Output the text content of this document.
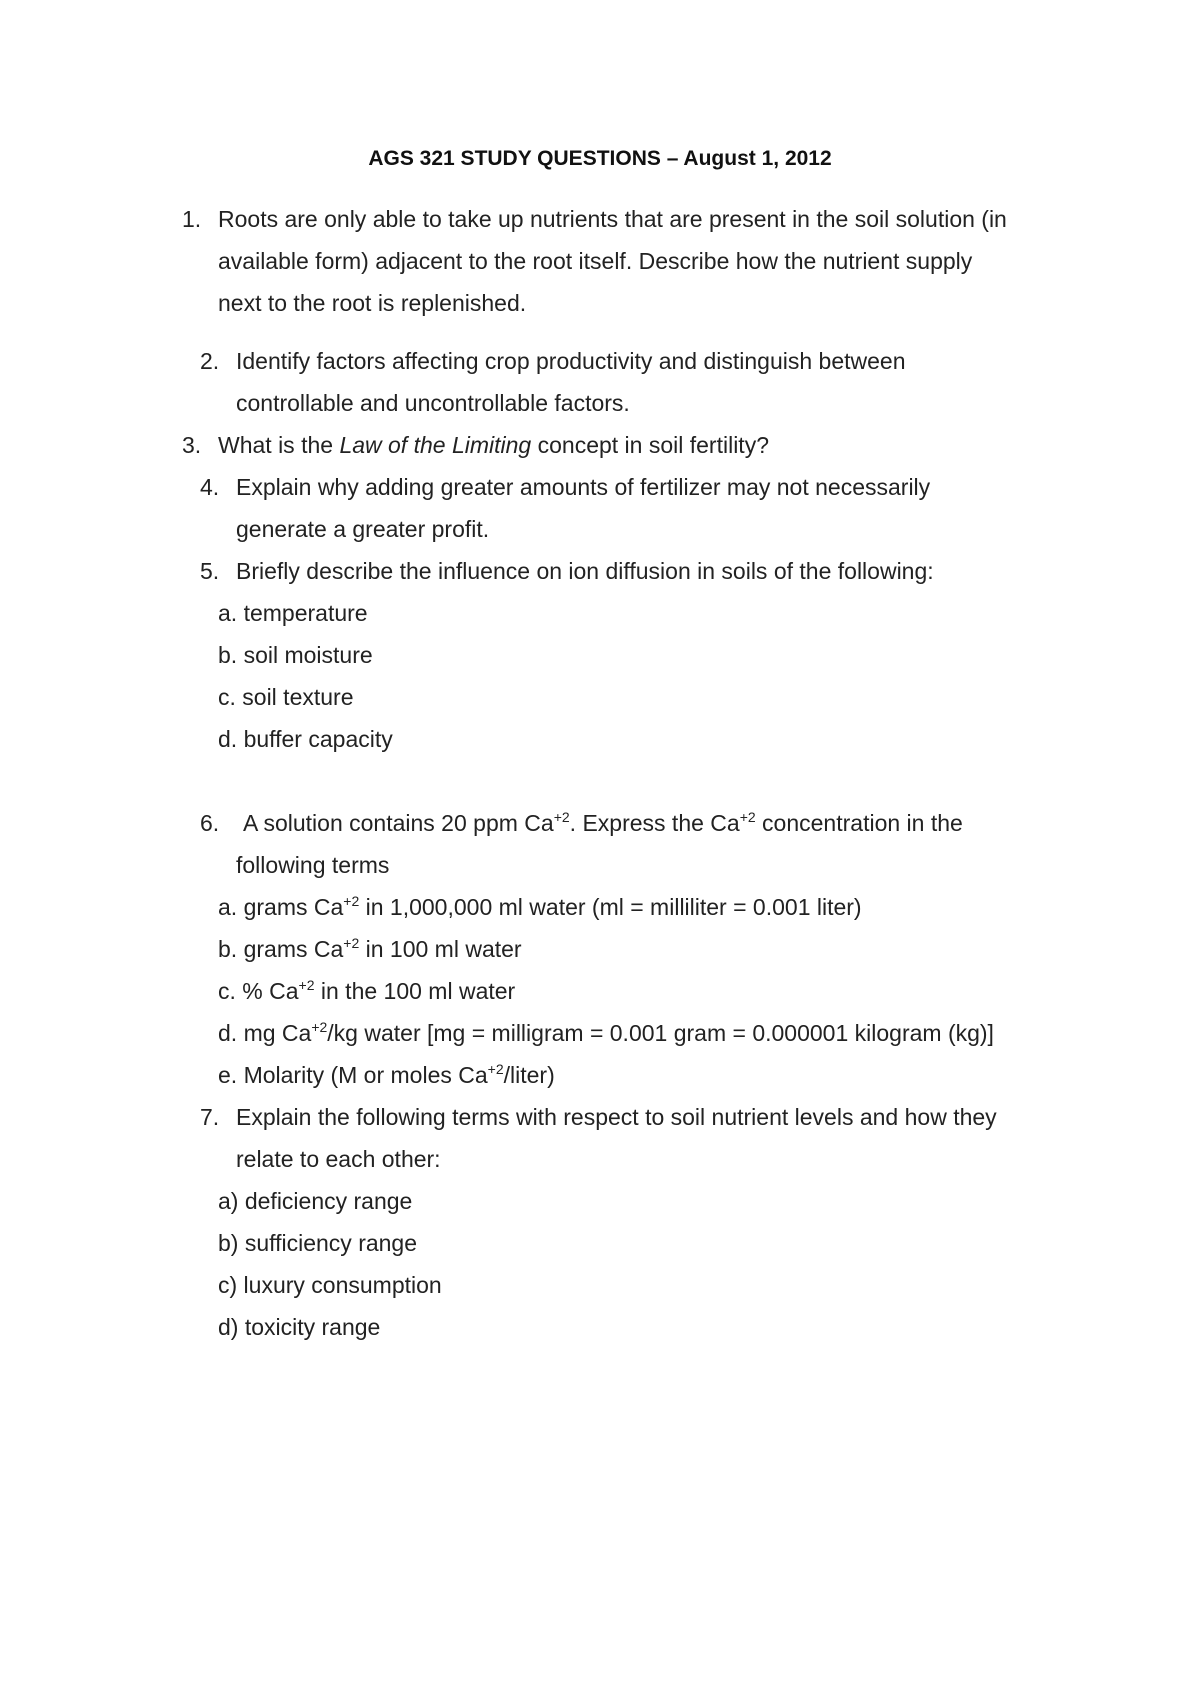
AGS 321 STUDY QUESTIONS – August 1, 2012
1. Roots are only able to take up nutrients that are present in the soil solution (in
available form) adjacent to the root itself. Describe how the nutrient supply
next to the root is replenished.
2. Identify factors affecting crop productivity and distinguish between
controllable and uncontrollable factors.
3. What is the Law of the Limiting concept in soil fertility?
4. Explain why adding greater amounts of fertilizer may not necessarily
generate a greater profit.
5. Briefly describe the influence on ion diffusion in soils of the following:
a. temperature
b. soil moisture
c. soil texture
d. buffer capacity
6. A solution contains 20 ppm $Ca^{+2}$. Express the $Ca^{+2}$ concentration in the
following terms
a. grams $Ca^{+2}$ in 1,000,000 ml water (ml = milliliter = 0.001 liter)
b. grams $Ca^{+2}$ in 100 ml water
c. % $Ca^{+2}$ in the 100 ml water
d. mg $Ca^{+2}/kg$ water [mg = milligram = 0.001 gram = 0.000001 kilogram (kg)]
e. Molarity (M or moles $Ca^{+2}/liter$)
7. Explain the following terms with respect to soil nutrient levels and how they
relate to each other:
a) deficiency range
b) sufficiency range
c) luxury consumption
d) toxicity range
